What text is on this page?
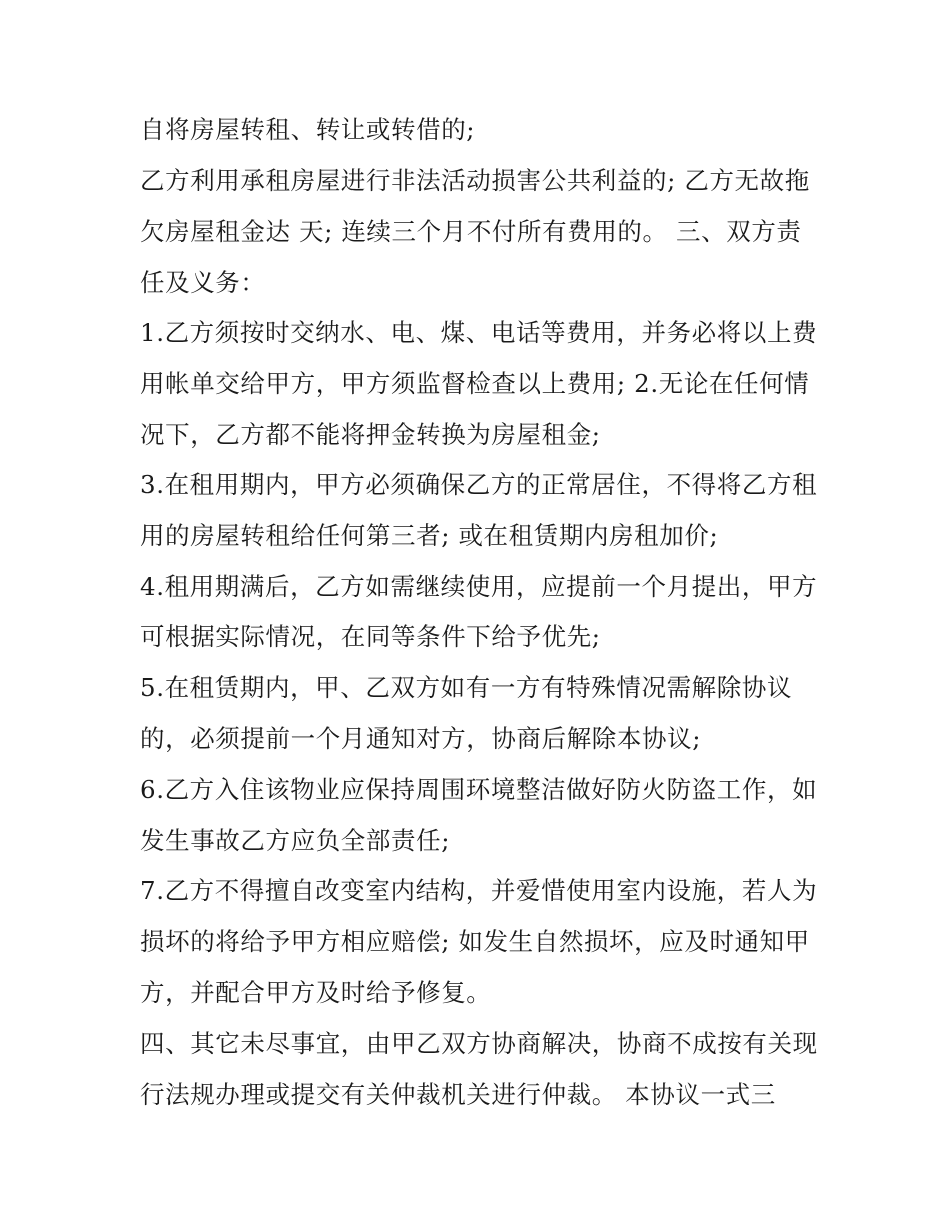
自将房屋转租、转让或转借的;
乙方利用承租房屋进行非法活动损害公共利益的; 乙方无故拖
欠房屋租金达 天; 连续三个月不付所有费用的。 三、双方责
任及义务：
1.乙方须按时交纳水、电、煤、电话等费用，并务必将以上费
用帐单交给甲方，甲方须监督检查以上费用; 2.无论在任何情
况下，乙方都不能将押金转换为房屋租金;
3.在租用期内，甲方必须确保乙方的正常居住，不得将乙方租
用的房屋转租给任何第三者; 或在租赁期内房租加价;
4.租用期满后，乙方如需继续使用，应提前一个月提出，甲方
可根据实际情况，在同等条件下给予优先;
5.在租赁期内，甲、乙双方如有一方有特殊情况需解除协议
的，必须提前一个月通知对方，协商后解除本协议;
6.乙方入住该物业应保持周围环境整洁做好防火防盗工作，如
发生事故乙方应负全部责任;
7.乙方不得擅自改变室内结构，并爱惜使用室内设施，若人为
损坏的将给予甲方相应赔偿; 如发生自然损坏，应及时通知甲
方，并配合甲方及时给予修复。
四、其它未尽事宜，由甲乙双方协商解决，协商不成按有关现
行法规办理或提交有关仲裁机关进行仲裁。 本协议一式三
